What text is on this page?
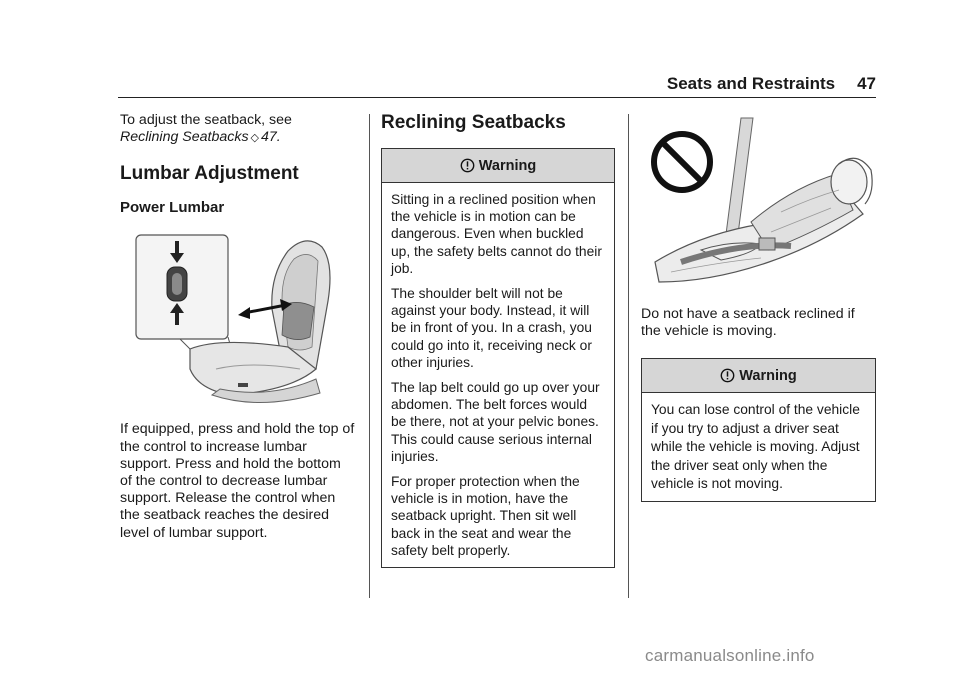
Seats and Restraints 47

To adjust the seatback, see
Reclining Seatbacks ◇ 47.

Lumbar Adjustment
Power Lumbar

If equipped, press and hold the top of the control to increase lumbar support. Press and hold the bottom of the control to decrease lumbar support. Release the control when the seatback reaches the desired level of lumbar support.

Reclining Seatbacks
Warning

Sitting in a reclined position when the vehicle is in motion can be dangerous. Even when buckled up, the safety belts cannot do their job.

The shoulder belt will not be against your body. Instead, it will be in front of you. In a crash, you could go into it, receiving neck or other injuries.

The lap belt could go up over your abdomen. The belt forces would be there, not at your pelvic bones. This could cause serious internal injuries.

For proper protection when the vehicle is in motion, have the seatback upright. Then sit well back in the seat and wear the safety belt properly.

Do not have a seatback reclined if the vehicle is moving.

Warning

You can lose control of the vehicle if you try to adjust a driver seat while the vehicle is moving. Adjust the driver seat only when the vehicle is not moving.

carmanualsonline.info
